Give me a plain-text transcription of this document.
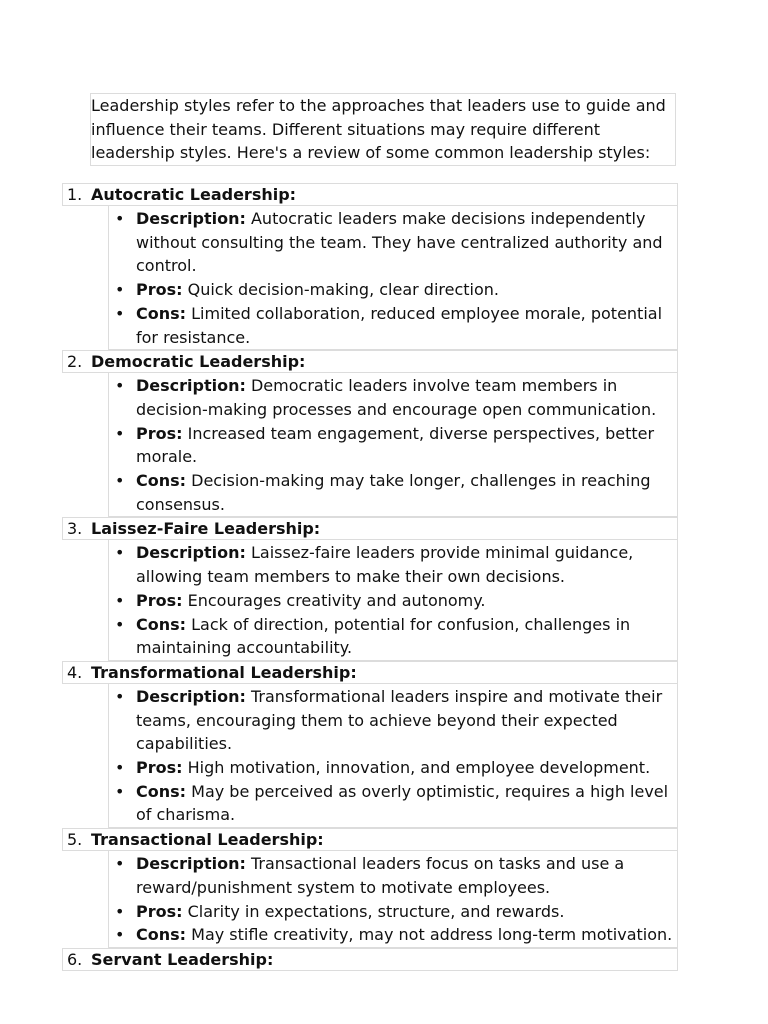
Leadership styles refer to the approaches that leaders use to guide and influence their teams. Different situations may require different leadership styles. Here's a review of some common leadership styles:
1. Autocratic Leadership:
• Description: Autocratic leaders make decisions independently without consulting the team. They have centralized authority and control.
• Pros: Quick decision-making, clear direction.
• Cons: Limited collaboration, reduced employee morale, potential for resistance.
2. Democratic Leadership:
• Description: Democratic leaders involve team members in decision-making processes and encourage open communication.
• Pros: Increased team engagement, diverse perspectives, better morale.
• Cons: Decision-making may take longer, challenges in reaching consensus.
3. Laissez-Faire Leadership:
• Description: Laissez-faire leaders provide minimal guidance, allowing team members to make their own decisions.
• Pros: Encourages creativity and autonomy.
• Cons: Lack of direction, potential for confusion, challenges in maintaining accountability.
4. Transformational Leadership:
• Description: Transformational leaders inspire and motivate their teams, encouraging them to achieve beyond their expected capabilities.
• Pros: High motivation, innovation, and employee development.
• Cons: May be perceived as overly optimistic, requires a high level of charisma.
5. Transactional Leadership:
• Description: Transactional leaders focus on tasks and use a reward/punishment system to motivate employees.
• Pros: Clarity in expectations, structure, and rewards.
• Cons: May stifle creativity, may not address long-term motivation.
6. Servant Leadership:
